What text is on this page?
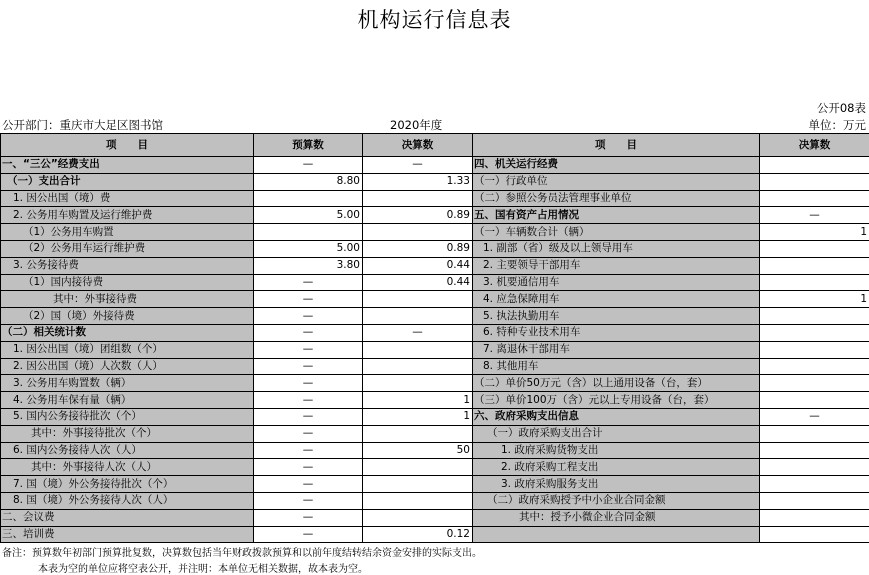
机构运行信息表
公开08表
公开部门：重庆市大足区图书馆	2020年度	单位：万元
项　　目	预算数	决算数	项　　目	决算数
一、“三公”经费支出	—	—	四、机关运行经费	
（一）支出合计	8.80	1.33	（一）行政单位	
1. 因公出国（境）费			（二）参照公务员法管理事业单位	
2. 公务用车购置及运行维护费	5.00	0.89	五、国有资产占用情况	—
（1）公务用车购置			（一）车辆数合计（辆）	1
（2）公务用车运行维护费	5.00	0.89	1. 副部（省）级及以上领导用车	
3. 公务接待费	3.80	0.44	2. 主要领导干部用车	
（1）国内接待费	—	0.44	3. 机要通信用车	
其中：外事接待费	—		4. 应急保障用车	1
（2）国（境）外接待费	—		5. 执法执勤用车	
（二）相关统计数	—	—	6. 特种专业技术用车	
1. 因公出国（境）团组数（个）	—		7. 离退休干部用车	
2. 因公出国（境）人次数（人）	—		8. 其他用车	
3. 公务用车购置数（辆）	—		（二）单价50万元（含）以上通用设备（台，套）	
4. 公务用车保有量（辆）	—	1	（三）单价100万（含）元以上专用设备（台，套）	
5. 国内公务接待批次（个）	—	1	六、政府采购支出信息	—
其中：外事接待批次（个）	—		（一）政府采购支出合计	
6. 国内公务接待人次（人）	—	50	1. 政府采购货物支出	
其中：外事接待人次（人）	—		2. 政府采购工程支出	
7. 国（境）外公务接待批次（个）	—		3. 政府采购服务支出	
8. 国（境）外公务接待人次（人）	—		（二）政府采购授予中小企业合同金额	
二、会议费	—		其中：授予小微企业合同金额	
三、培训费	—	0.12		
备注：预算数年初部门预算批复数，决算数包括当年财政拨款预算和以前年度结转结余资金安排的实际支出。
本表为空的单位应将空表公开，并注明：本单位无相关数据，故本表为空。
